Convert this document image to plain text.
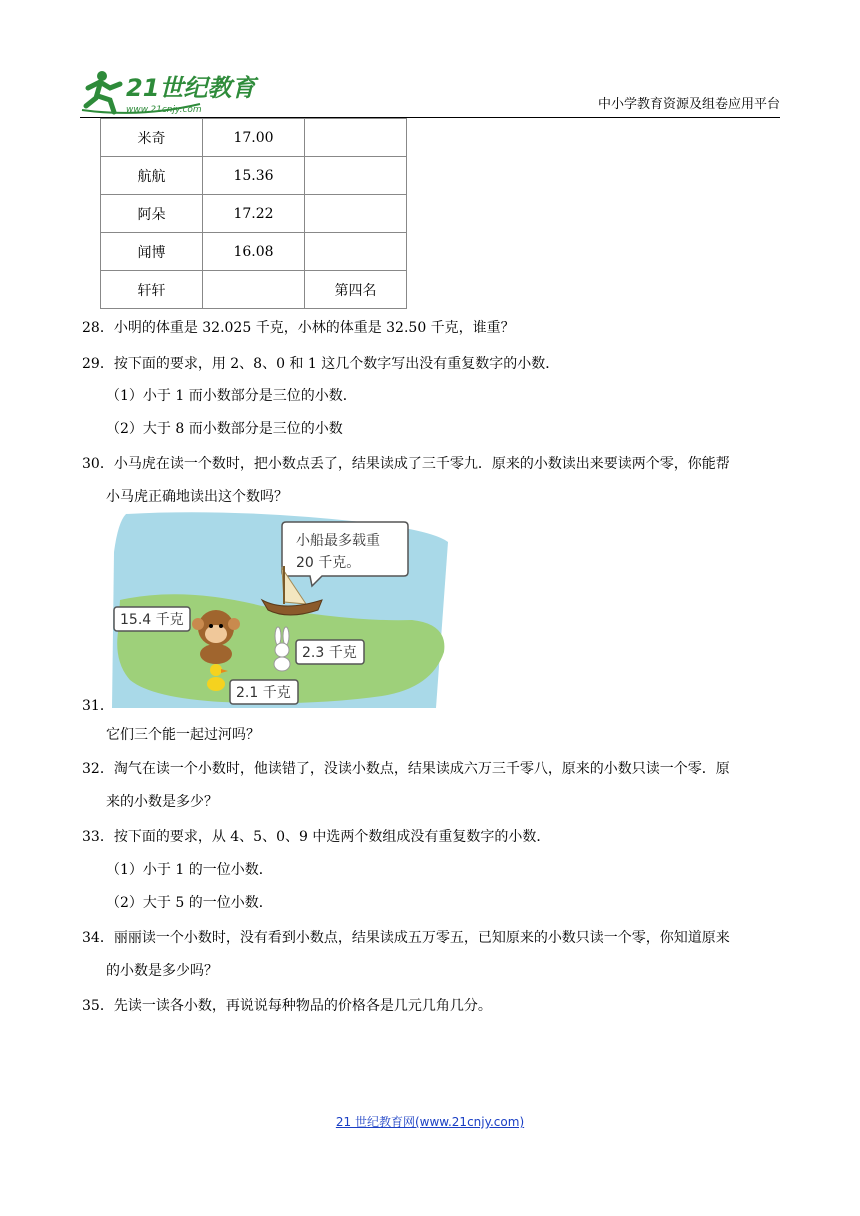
21世纪教育
www.21cnjy.com	中小学教育资源及组卷应用平台
米奇	17.00	
航航	15.36	
阿朵	17.22	
闻博	16.08	
轩轩		第四名
28．小明的体重是 32.025 千克，小林的体重是 32.50 千克，谁重？
29．按下面的要求，用 2、8、0 和 1 这几个数字写出没有重复数字的小数．
（1）小于 1 而小数部分是三位的小数．
（2）大于 8 而小数部分是三位的小数
30．小马虎在读一个数时，把小数点丢了，结果读成了三千零九．原来的小数读出来要读两个零，你能帮
小马虎正确地读出这个数吗？
小船最多载重
20 千克。
15.4 千克
2.3 千克
2.1 千克
31．
它们三个能一起过河吗？
32．淘气在读一个小数时，他读错了，没读小数点，结果读成六万三千零八，原来的小数只读一个零．原
来的小数是多少？
33．按下面的要求，从 4、5、0、9 中选两个数组成没有重复数字的小数．
（1）小于 1 的一位小数．
（2）大于 5 的一位小数．
34．丽丽读一个小数时，没有看到小数点，结果读成五万零五，已知原来的小数只读一个零，你知道原来
的小数是多少吗？
35．先读一读各小数，再说说每种物品的价格各是几元几角几分。
21 世纪教育网(www.21cnjy.com)
